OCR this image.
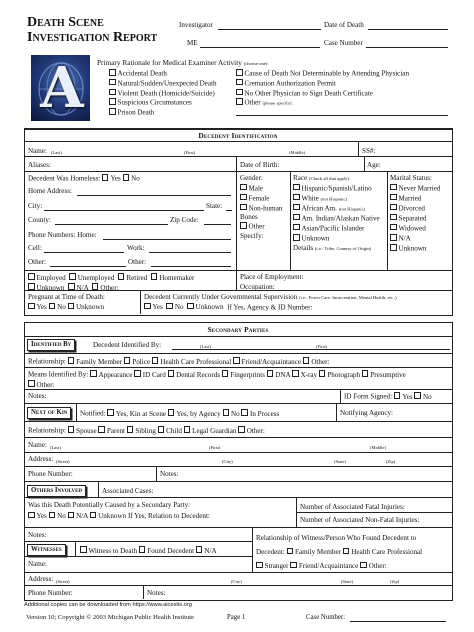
Death Scene
Investigation Report
Investigator	Date of Death
ME	Case Number
A Primary Rationale for Medical Examiner Activity (choose one):
Accidental Death
Natural/Sudden/Unexpected Death
Violent Death (Homicide/Suicide)
Suspicious Circumstances
Prison Death
Cause of Death Not Determinable by Attending Physician
Cremation Authorization Permit
No Other Physician to Sign Death Certificate
Other (please specify):
Decedent Identification
Name: (Last)	(First)	(Middle)	SS#:
Aliases:	Date of Birth:	Age:
Decedent Was Homeless: Yes No
Home Address:
City:	State:
County:	Zip Code:
Phone Numbers: Home:
Cell:	Work:
Other:	Other:
Gender:
Male
Female
Non-human Bones
Other Specify:
Race (Check all that apply):
Hispanic/Spanish/Latino
White (not Hispanic)
African Am. (not Hispanic)
Am. Indian/Alaskan Native
Asian/Pacific Islander
Unknown
Details (i.e.: Tribe, Country of Origin)
Marital Status:
Never Married
Married
Divorced
Separated
Widowed
N/A
Unknown
Employed Unemployed Retired Homemaker
Unknown N/A Other:
Place of Employment:
Occupation:
Pregnant at Time of Death:
Yes No Unknown
Decedent Currently Under Governmental Supervision (i.e.: Foster Care, Incarceration, Mental Health, etc.,)
Yes No Unknown If Yes, Agency & ID Number:
Secondary Parties
Identified By	Decedent Identified By:	(Last)	(First)
Relationship: Family Member Police Health Care Professional Friend/Acquaintance Other:
Means Identified By: Appearance ID Card Dental Records Fingerprints DNA X-ray Photograph Presumptive
Other:
Notes:	ID Form Signed: Yes No
Next of Kin	Notified: Yes, Kin at Scene Yes, by Agency No In Process	Notifying Agency:
Relationship: Spouse Parent Sibling Child Legal Guardian Other:
Name: (Last)	(First)	(Middle)
Address: (Street)	(City)	(State)	(Zip)
Phone Number:	Notes:
Others Involved	Associated Cases:
Was this Death Potentially Caused by a Secondary Party:
Yes No N/A Unknown If Yes, Relation to Decedent:
Number of Associated Fatal Injuries:
Number of Associated Non-Fatal Injuries:
Notes:	Relationship of Witness/Person Who Found Decedent to
Decedent: Family Member Health Care Professional
Stranger Friend/Acquaintance Other:
Witnesses	Witness to Death Found Decedent N/A
Name:
Address: (Street)	(City)	(State)	(Zip)
Phone Number:	Notes:
Additional copies can be downloaded from https://www.aicestis.org
Version 10; Copyright © 2003 Michigan Public Health Institute	Page 1	Case Number:
